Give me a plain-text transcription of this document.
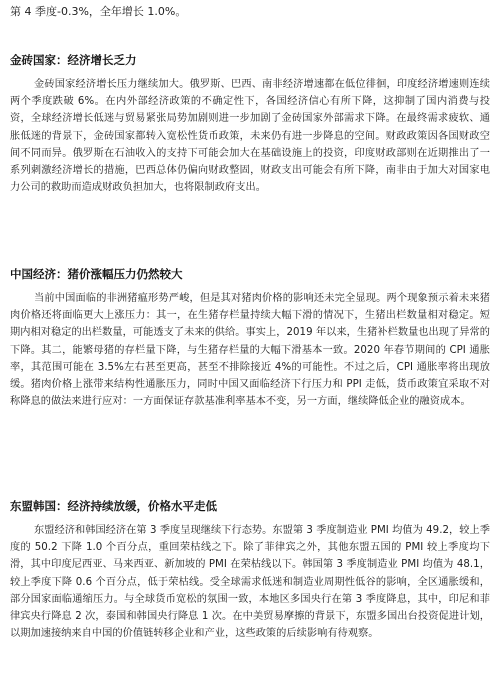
第 4 季度-0.3%，全年增长 1.0%。

金砖国家：经济增长乏力

金砖国家经济增长压力继续加大。俄罗斯、巴西、南非经济增速都在低位徘徊，印度经济增速则连续两个季度跌破 6%。在内外部经济政策的不确定性下，各国经济信心有所下降，这抑制了国内消费与投资，全球经济增长低迷与贸易紧张局势加剧则进一步加剧了金砖国家外部需求下降。在最终需求疲软、通胀低迷的背景下，金砖国家都转入宽松性货币政策，未来仍有进一步降息的空间。财政政策因各国财政空间不同而异。俄罗斯在石油收入的支持下可能会加大在基础设施上的投资，印度财政部则在近期推出了一系列刺激经济增长的措施，巴西总体仍偏向财政整固，财政支出可能会有所下降，南非由于加大对国家电力公司的救助而造成财政负担加大，也将限制政府支出。

中国经济：猪价涨幅压力仍然较大

当前中国面临的非洲猪瘟形势严峻，但是其对猪肉价格的影响还未完全显现。两个现象预示着未来猪肉价格还将面临更大上涨压力：其一，在生猪存栏量持续大幅下滑的情况下，生猪出栏数量相对稳定。短期内相对稳定的出栏数量，可能透支了未来的供给。事实上，2019 年以来，生猪补栏数量也出现了异常的下降。其二，能繁母猪的存栏量下降，与生猪存栏量的大幅下滑基本一致。2020 年春节期间的 CPI 通胀率，其范围可能在 3.5%左右甚至更高，甚至不排除接近 4%的可能性。不过之后，CPI 通胀率将出现放缓。猪肉价格上涨带来结构性通胀压力，同时中国又面临经济下行压力和 PPI 走低，货币政策宜采取不对称降息的做法来进行应对：一方面保证存款基准利率基本不变，另一方面，继续降低企业的融资成本。

东盟韩国：经济持续放缓，价格水平走低

东盟经济和韩国经济在第 3 季度呈现继续下行态势。东盟第 3 季度制造业 PMI 均值为 49.2，较上季度的 50.2 下降 1.0 个百分点，重回荣枯线之下。除了菲律宾之外，其他东盟五国的 PMI 较上季度均下滑，其中印度尼西亚、马来西亚、新加坡的 PMI 在荣枯线以下。韩国第 3 季度制造业 PMI 均值为 48.1，较上季度下降 0.6 个百分点，低于荣枯线。受全球需求低迷和制造业周期性低谷的影响，全区通胀缓和，部分国家面临通缩压力。与全球货币宽松的氛围一致，本地区多国央行在第 3 季度降息，其中，印尼和菲律宾央行降息 2 次，泰国和韩国央行降息 1 次。在中美贸易摩擦的背景下，东盟多国出台投资促进计划，以期加速接纳来自中国的价值链转移企业和产业，这些政策的后续影响有待观察。
